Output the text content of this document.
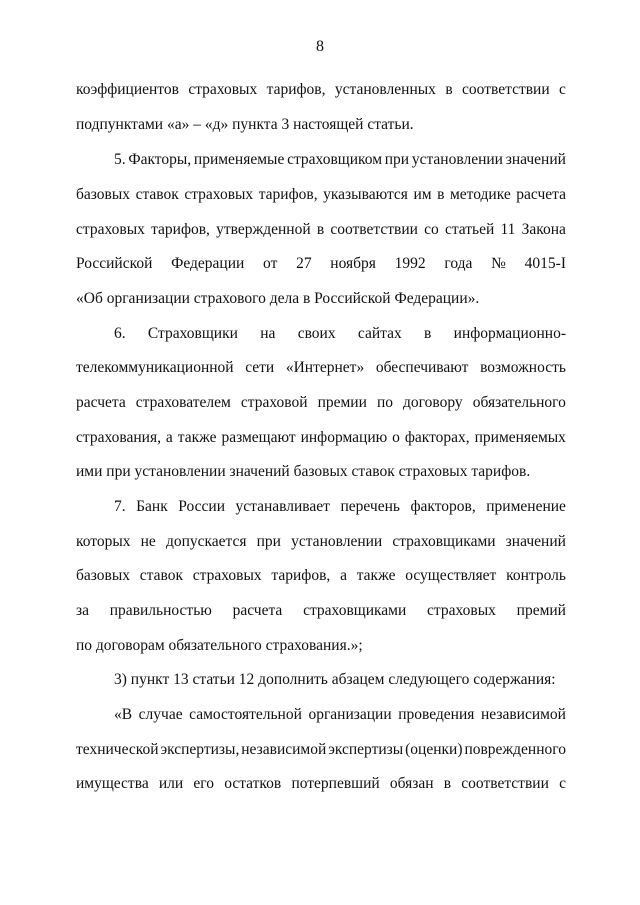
8
коэффициентов страховых тарифов, установленных в соответствии с
подпунктами «а» – «д» пункта 3 настоящей статьи.
5. Факторы, применяемые страховщиком при установлении значений
базовых ставок страховых тарифов, указываются им в методике расчета
страховых тарифов, утвержденной в соответствии со статьей 11 Закона
Российской Федерации от 27 ноября 1992 года № 4015-I
«Об организации страхового дела в Российской Федерации».
6. Страховщики на своих сайтах в информационно-
телекоммуникационной сети «Интернет» обеспечивают возможность
расчета страхователем страховой премии по договору обязательного
страхования, а также размещают информацию о факторах, применяемых
ими при установлении значений базовых ставок страховых тарифов.
7. Банк России устанавливает перечень факторов, применение
которых не допускается при установлении страховщиками значений
базовых ставок страховых тарифов, а также осуществляет контроль
за правильностью расчета страховщиками страховых премий
по договорам обязательного страхования.»;
3) пункт 13 статьи 12 дополнить абзацем следующего содержания:
«В случае самостоятельной организации проведения независимой
технической экспертизы, независимой экспертизы (оценки) поврежденного
имущества или его остатков потерпевший обязан в соответствии с
